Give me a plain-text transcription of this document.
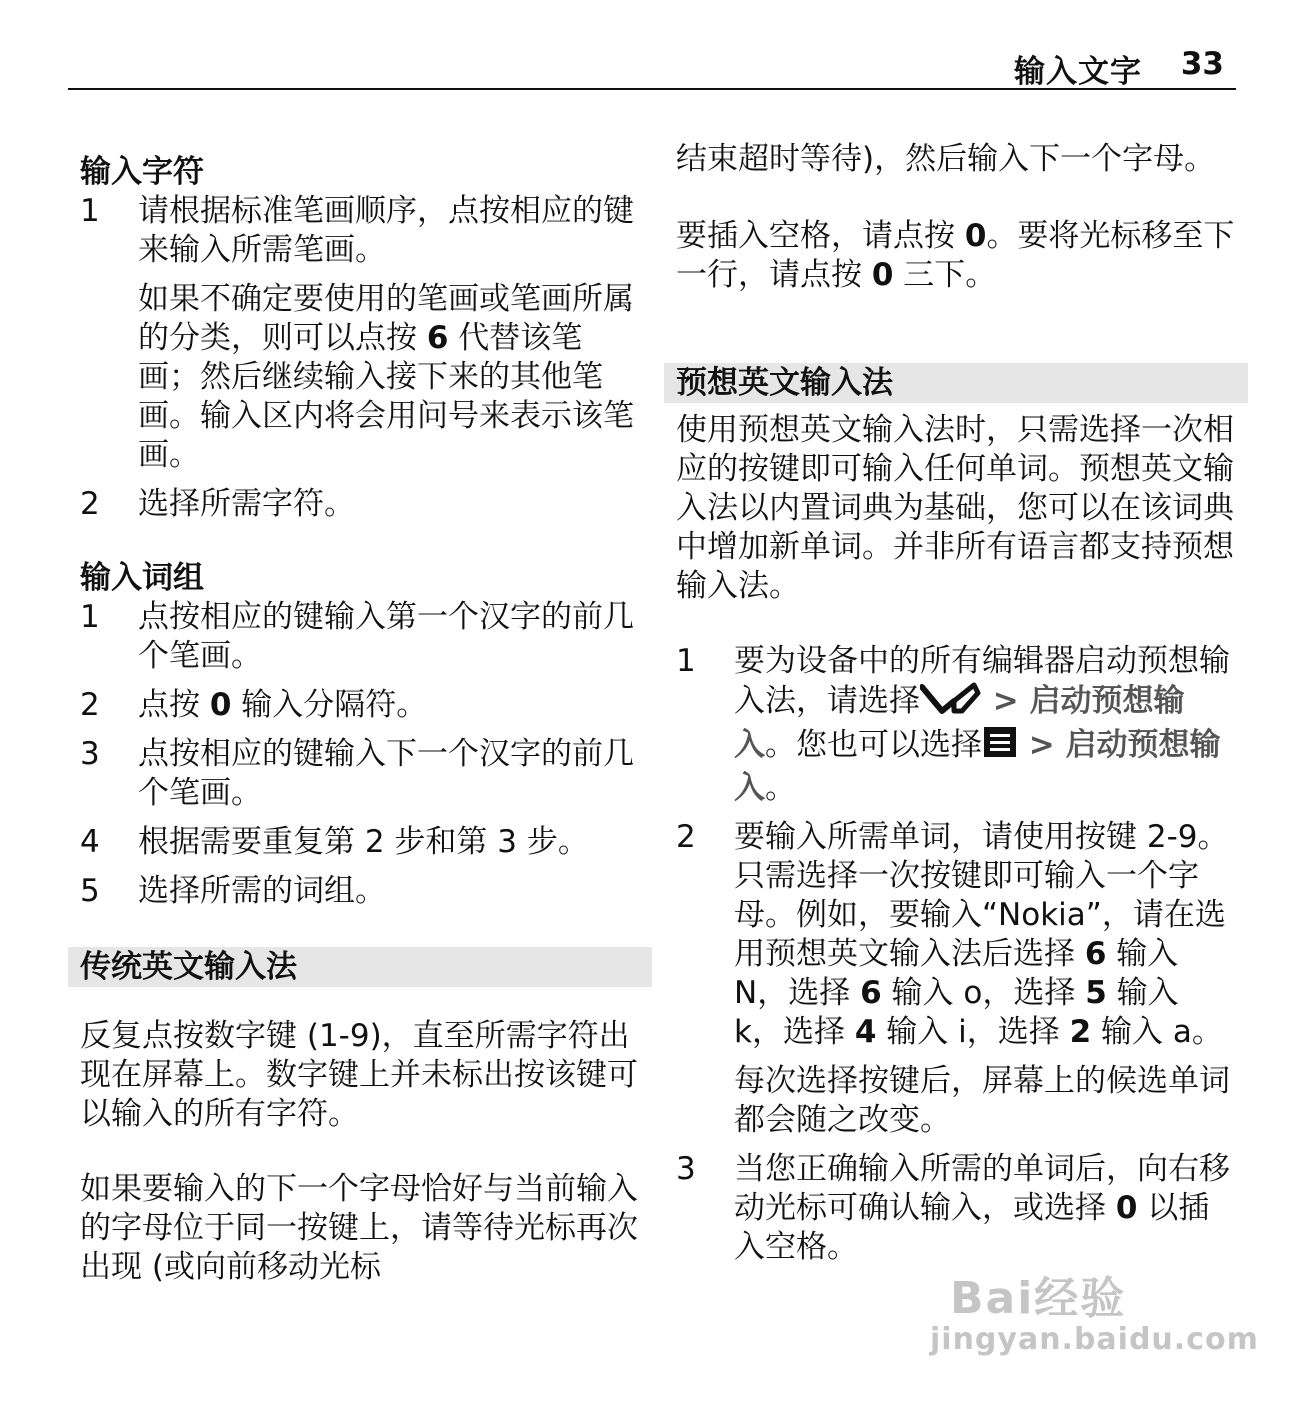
输入文字 33
输入字符
1	请根据标准笔画顺序，点按相应的键来输入所需笔画。
如果不确定要使用的笔画或笔画所属的分类，则可以点按 6 代替该笔画；然后继续输入接下来的其他笔画。输入区内将会用问号来表示该笔画。
2	选择所需字符。
输入词组
1	点按相应的键输入第一个汉字的前几个笔画。
2	点按 0 输入分隔符。
3	点按相应的键输入下一个汉字的前几个笔画。
4	根据需要重复第 2 步和第 3 步。
5	选择所需的词组。
传统英文输入法

反复点按数字键 (1-9)，直至所需字符出现在屏幕上。数字键上并未标出按该键可以输入的所有字符。

如果要输入的下一个字母恰好与当前输入的字母位于同一按键上，请等待光标再次出现 (或向前移动光标

结束超时等待)，然后输入下一个字母。

要插入空格，请点按 0。要将光标移至下一行，请点按 0 三下。

预想英文输入法

使用预想英文输入法时，只需选择一次相应的按键即可输入任何单词。预想英文输入法以内置词典为基础，您可以在该词典中增加新单词。并非所有语言都支持预想输入法。

1	要为设备中的所有编辑器启动预想输入法，请选择 > 启动预想输入。您也可以选择 > 启动预想输入。
2	要输入所需单词，请使用按键 2-9。只需选择一次按键即可输入一个字母。例如，要输入“Nokia”，请在选用预想英文输入法后选择 6 输入 N，选择 6 输入 o，选择 5 输入 k，选择 4 输入 i，选择 2 输入 a。
每次选择按键后，屏幕上的候选单词都会随之改变。
3	当您正确输入所需的单词后，向右移动光标可确认输入，或选择 0 以插入空格。
Bai经验
jingyan.baidu.com
